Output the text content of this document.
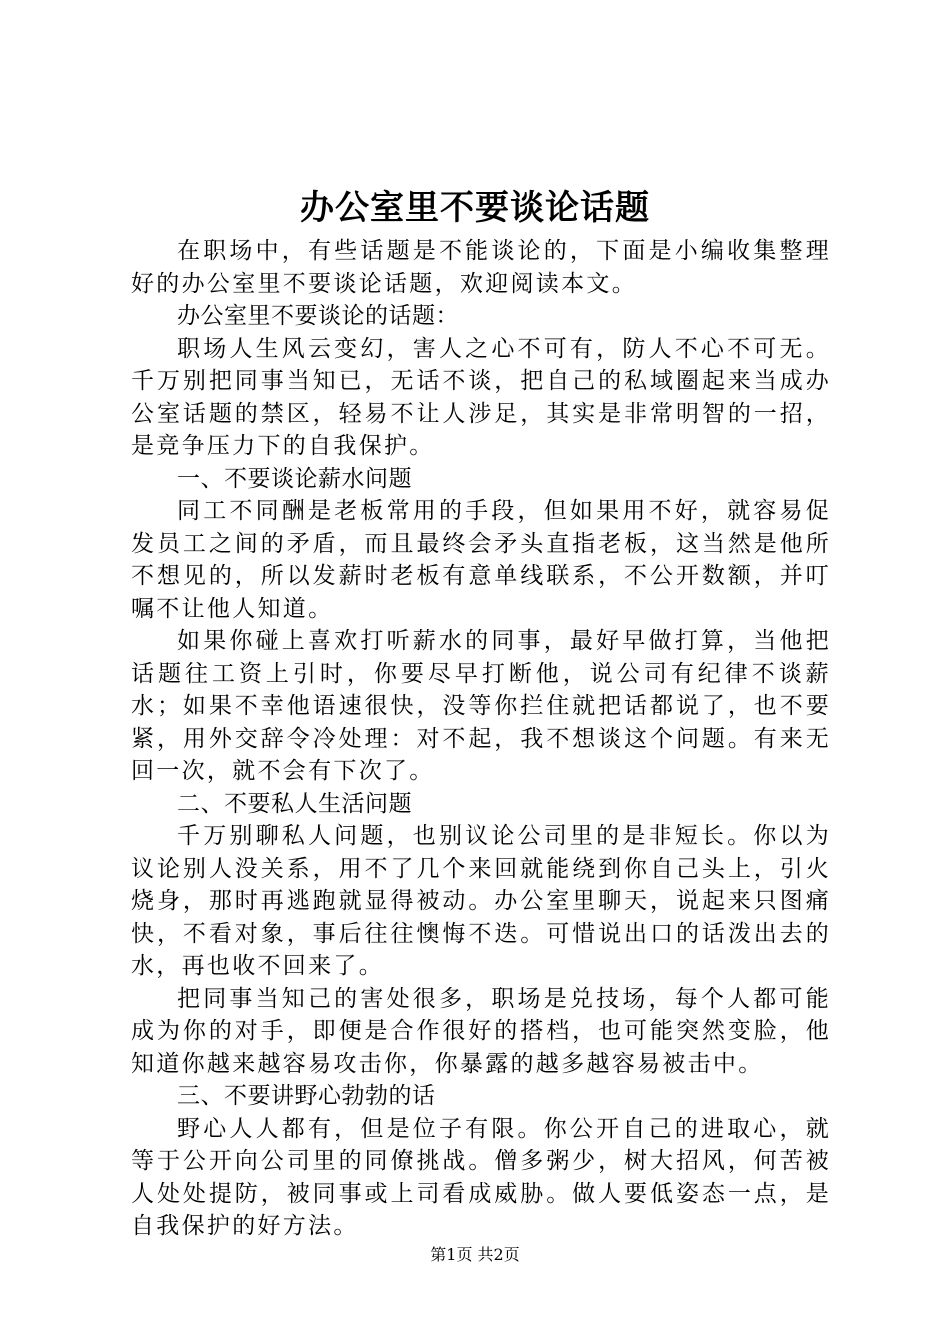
办公室里不要谈论话题

在职场中，有些话题是不能谈论的，下面是小编收集整理好的办公室里不要谈论话题，欢迎阅读本文。

办公室里不要谈论的话题：

职场人生风云变幻，害人之心不可有，防人不心不可无。千万别把同事当知已，无话不谈，把自己的私域圈起来当成办公室话题的禁区，轻易不让人涉足，其实是非常明智的一招，是竞争压力下的自我保护。

一、不要谈论薪水问题

同工不同酬是老板常用的手段，但如果用不好，就容易促发员工之间的矛盾，而且最终会矛头直指老板，这当然是他所不想见的，所以发薪时老板有意单线联系，不公开数额，并叮嘱不让他人知道。

如果你碰上喜欢打听薪水的同事，最好早做打算，当他把话题往工资上引时，你要尽早打断他，说公司有纪律不谈薪水；如果不幸他语速很快，没等你拦住就把话都说了，也不要紧，用外交辞令冷处理：对不起，我不想谈这个问题。有来无回一次，就不会有下次了。

二、不要私人生活问题

千万别聊私人问题，也别议论公司里的是非短长。你以为议论别人没关系，用不了几个来回就能绕到你自己头上，引火烧身，那时再逃跑就显得被动。办公室里聊天，说起来只图痛快，不看对象，事后往往懊悔不迭。可惜说出口的话泼出去的水，再也收不回来了。

把同事当知己的害处很多，职场是兑技场，每个人都可能成为你的对手，即便是合作很好的搭档，也可能突然变脸，他知道你越来越容易攻击你，你暴露的越多越容易被击中。

三、不要讲野心勃勃的话

野心人人都有，但是位子有限。你公开自己的进取心，就等于公开向公司里的同僚挑战。僧多粥少，树大招风，何苦被人处处提防，被同事或上司看成威胁。做人要低姿态一点，是自我保护的好方法。

第1页 共2页
